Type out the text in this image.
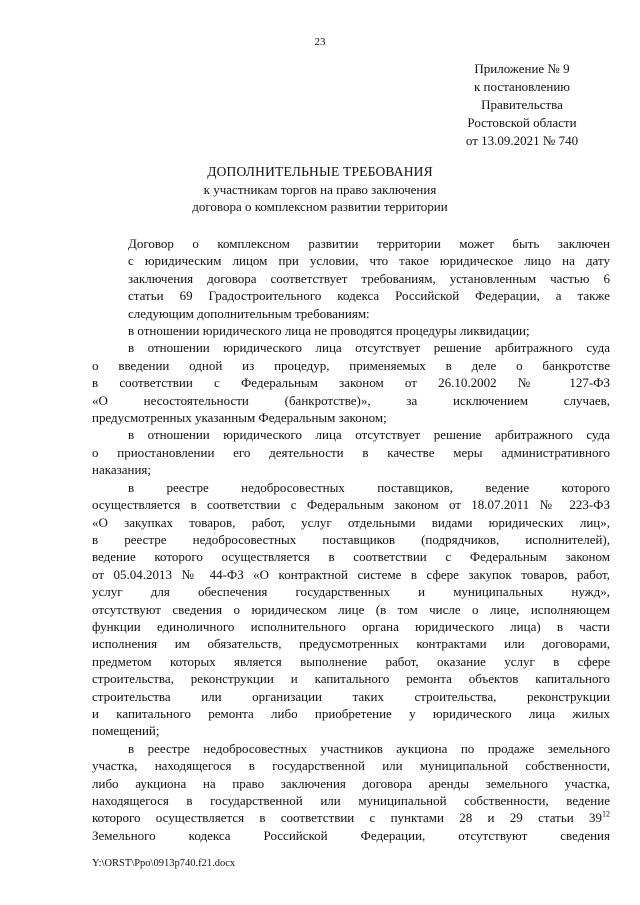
23
Приложение № 9
к постановлению
Правительства
Ростовской области
от 13.09.2021 № 740
ДОПОЛНИТЕЛЬНЫЕ ТРЕБОВАНИЯ
к участникам торгов на право заключения
договора о комплексном развитии территории

Договор о комплексном развитии территории может быть заключен
с юридическим лицом при условии, что такое юридическое лицо на дату
заключения договора соответствует требованиям, установленным частью 6
статьи 69 Градостроительного кодекса Российской Федерации, а также
следующим дополнительным требованиям:

в отношении юридического лица не проводятся процедуры ликвидации;

в отношении юридического лица отсутствует решение арбитражного суда
о введении одной из процедур, применяемых в деле о банкротстве
в соответствии с Федеральным законом от 26.10.2002 № 127-ФЗ
«О несостоятельности (банкротстве)», за исключением случаев,
предусмотренных указанным Федеральным законом;

в отношении юридического лица отсутствует решение арбитражного суда
о приостановлении его деятельности в качестве меры административного
наказания;

в реестре недобросовестных поставщиков, ведение которого
осуществляется в соответствии с Федеральным законом от 18.07.2011 № 223-ФЗ
«О закупках товаров, работ, услуг отдельными видами юридических лиц»,
в реестре недобросовестных поставщиков (подрядчиков, исполнителей),
ведение которого осуществляется в соответствии с Федеральным законом
от 05.04.2013 № 44-ФЗ «О контрактной системе в сфере закупок товаров, работ,
услуг для обеспечения государственных и муниципальных нужд»,
отсутствуют сведения о юридическом лице (в том числе о лице, исполняющем
функции единоличного исполнительного органа юридического лица) в части
исполнения им обязательств, предусмотренных контрактами или договорами,
предметом которых является выполнение работ, оказание услуг в сфере
строительства, реконструкции и капитального ремонта объектов капитального
строительства или организации таких строительства, реконструкции
и капитального ремонта либо приобретение у юридического лица жилых
помещений;

в реестре недобросовестных участников аукциона по продаже земельного
участка, находящегося в государственной или муниципальной собственности,
либо аукциона на право заключения договора аренды земельного участка,
находящегося в государственной или муниципальной собственности, ведение
которого осуществляется в соответствии с пунктами 28 и 29 статьи $39^{12}$
Земельного кодекса Российской Федерации, отсутствуют сведения

Y:\ORST\Ppo\0913p740.f21.docx
